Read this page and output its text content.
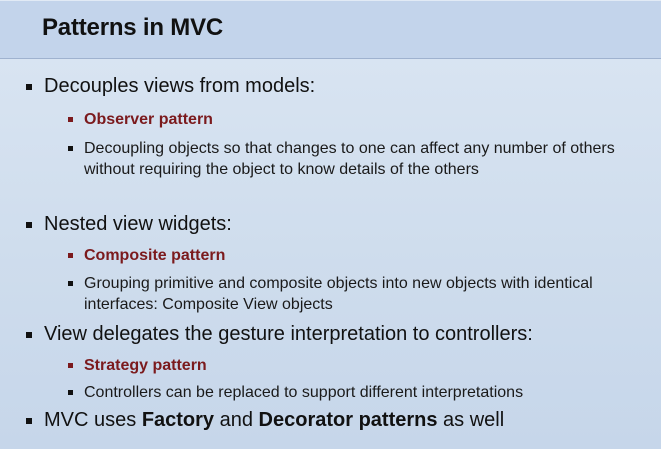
Patterns in MVC
Decouples views from models:
Observer pattern
Decoupling objects so that changes to one can affect any number of others without requiring the object to know details of the others
Nested view widgets:
Composite pattern
Grouping primitive and composite objects into new objects with identical interfaces: Composite View objects
View delegates the gesture interpretation to controllers:
Strategy pattern
Controllers can be replaced to support different interpretations
MVC uses Factory and Decorator patterns as well
